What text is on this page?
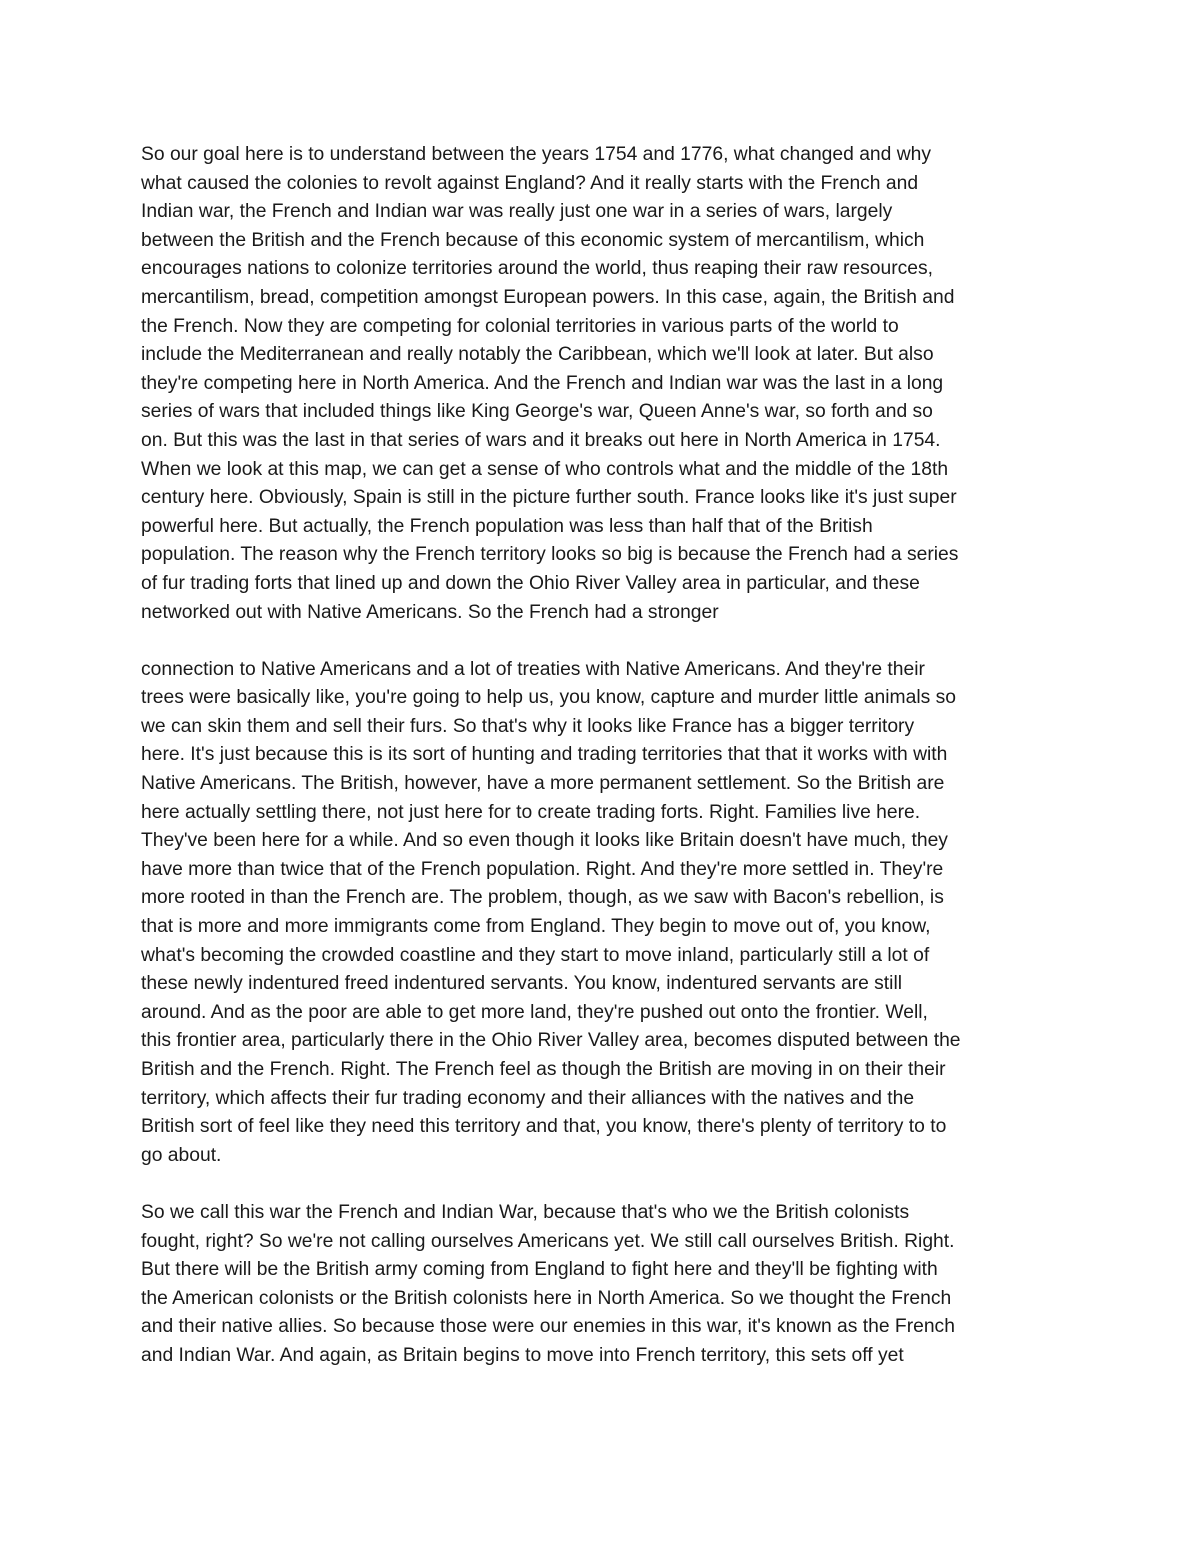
So our goal here is to understand between the years 1754 and 1776, what changed and why
what caused the colonies to revolt against England? And it really starts with the French and
Indian war, the French and Indian war was really just one war in a series of wars, largely
between the British and the French because of this economic system of mercantilism, which
encourages nations to colonize territories around the world, thus reaping their raw resources,
mercantilism, bread, competition amongst European powers. In this case, again, the British and
the French. Now they are competing for colonial territories in various parts of the world to
include the Mediterranean and really notably the Caribbean, which we'll look at later. But also
they're competing here in North America. And the French and Indian war was the last in a long
series of wars that included things like King George's war, Queen Anne's war, so forth and so
on. But this was the last in that series of wars and it breaks out here in North America in 1754.
When we look at this map, we can get a sense of who controls what and the middle of the 18th
century here. Obviously, Spain is still in the picture further south. France looks like it's just super
powerful here. But actually, the French population was less than half that of the British
population. The reason why the French territory looks so big is because the French had a series
of fur trading forts that lined up and down the Ohio River Valley area in particular, and these
networked out with Native Americans. So the French had a stronger

connection to Native Americans and a lot of treaties with Native Americans. And they're their
trees were basically like, you're going to help us, you know, capture and murder little animals so
we can skin them and sell their furs. So that's why it looks like France has a bigger territory
here. It's just because this is its sort of hunting and trading territories that that it works with with
Native Americans. The British, however, have a more permanent settlement. So the British are
here actually settling there, not just here for to create trading forts. Right. Families live here.
They've been here for a while. And so even though it looks like Britain doesn't have much, they
have more than twice that of the French population. Right. And they're more settled in. They're
more rooted in than the French are. The problem, though, as we saw with Bacon's rebellion, is
that is more and more immigrants come from England. They begin to move out of, you know,
what's becoming the crowded coastline and they start to move inland, particularly still a lot of
these newly indentured freed indentured servants. You know, indentured servants are still
around. And as the poor are able to get more land, they're pushed out onto the frontier. Well,
this frontier area, particularly there in the Ohio River Valley area, becomes disputed between the
British and the French. Right. The French feel as though the British are moving in on their their
territory, which affects their fur trading economy and their alliances with the natives and the
British sort of feel like they need this territory and that, you know, there's plenty of territory to to
go about.

So we call this war the French and Indian War, because that's who we the British colonists
fought, right? So we're not calling ourselves Americans yet. We still call ourselves British. Right.
But there will be the British army coming from England to fight here and they'll be fighting with
the American colonists or the British colonists here in North America. So we thought the French
and their native allies. So because those were our enemies in this war, it's known as the French
and Indian War. And again, as Britain begins to move into French territory, this sets off yet
